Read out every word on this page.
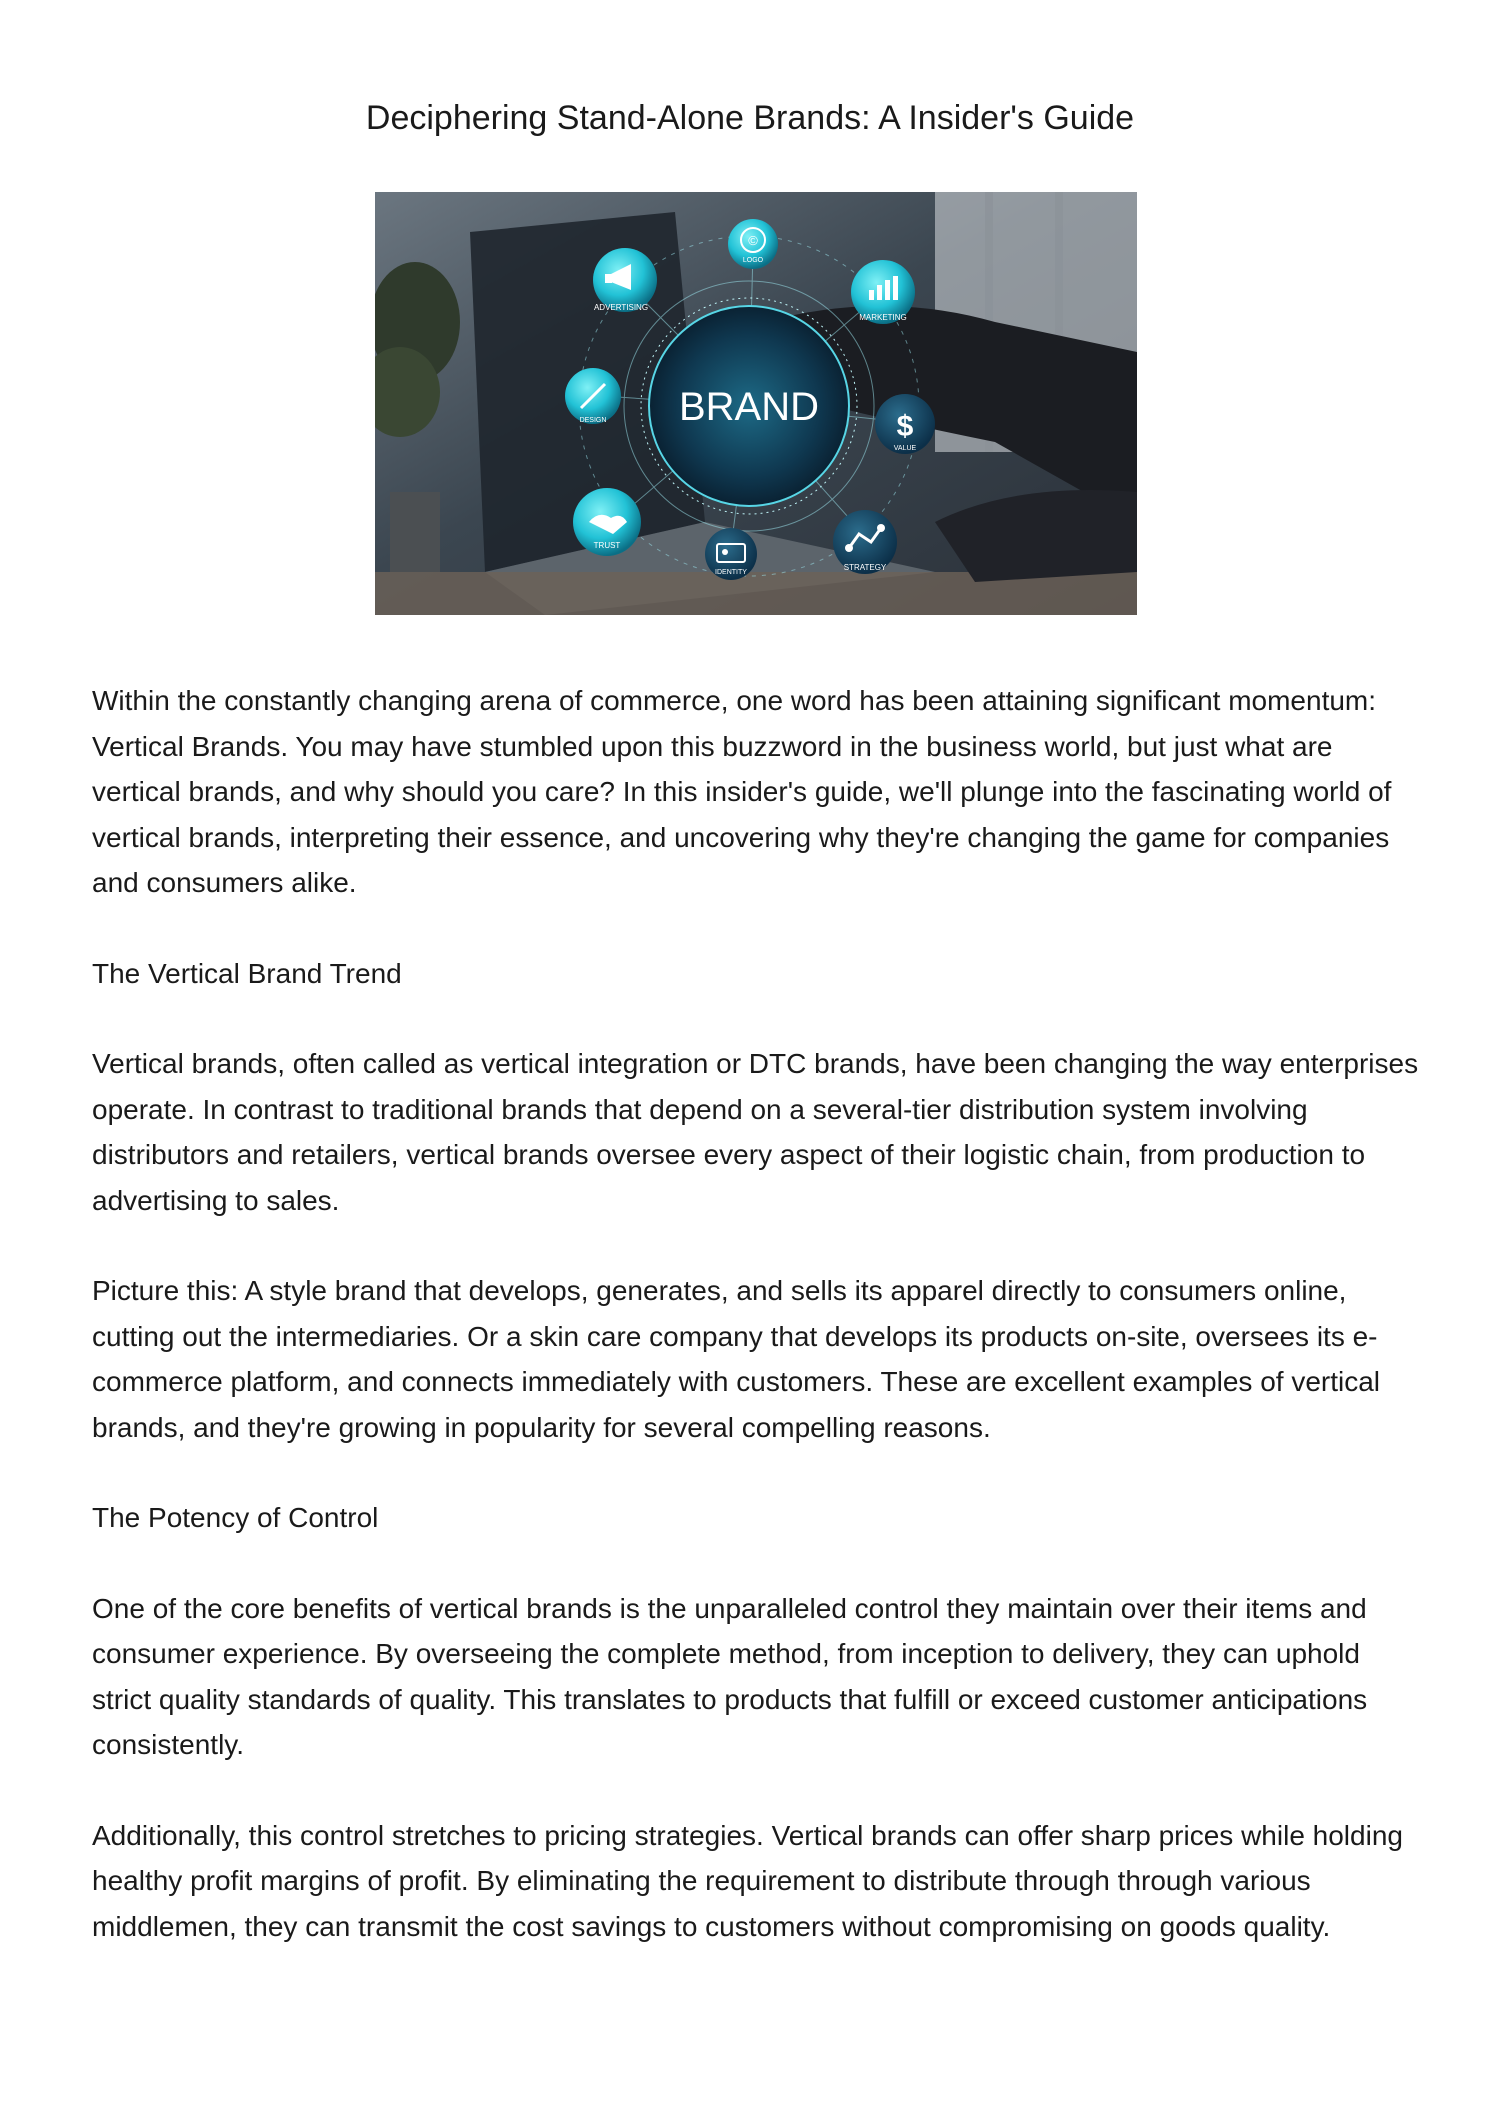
Deciphering Stand-Alone Brands: A Insider's Guide
BRAND
ADVERTISING
©
LOGO
MARKETING
DESIGN	$
VALUE
TRUST
IDENTITY
STRATEGY

Within the constantly changing arena of commerce, one word has been attaining significant momentum: Vertical Brands. You may have stumbled upon this buzzword in the business world, but just what are vertical brands, and why should you care? In this insider's guide, we'll plunge into the fascinating world of vertical brands, interpreting their essence, and uncovering why they're changing the game for companies and consumers alike.

The Vertical Brand Trend

Vertical brands, often called as vertical integration or DTC brands, have been changing the way enterprises operate. In contrast to traditional brands that depend on a several-tier distribution system involving distributors and retailers, vertical brands oversee every aspect of their logistic chain, from production to advertising to sales.

Picture this: A style brand that develops, generates, and sells its apparel directly to consumers online, cutting out the intermediaries. Or a skin care company that develops its products on-site, oversees its e-commerce platform, and connects immediately with customers. These are excellent examples of vertical brands, and they're growing in popularity for several compelling reasons.

The Potency of Control

One of the core benefits of vertical brands is the unparalleled control they maintain over their items and consumer experience. By overseeing the complete method, from inception to delivery, they can uphold strict quality standards of quality. This translates to products that fulfill or exceed customer anticipations consistently.

Additionally, this control stretches to pricing strategies. Vertical brands can offer sharp prices while holding healthy profit margins of profit. By eliminating the requirement to distribute through through various middlemen, they can transmit the cost savings to customers without compromising on goods quality.
